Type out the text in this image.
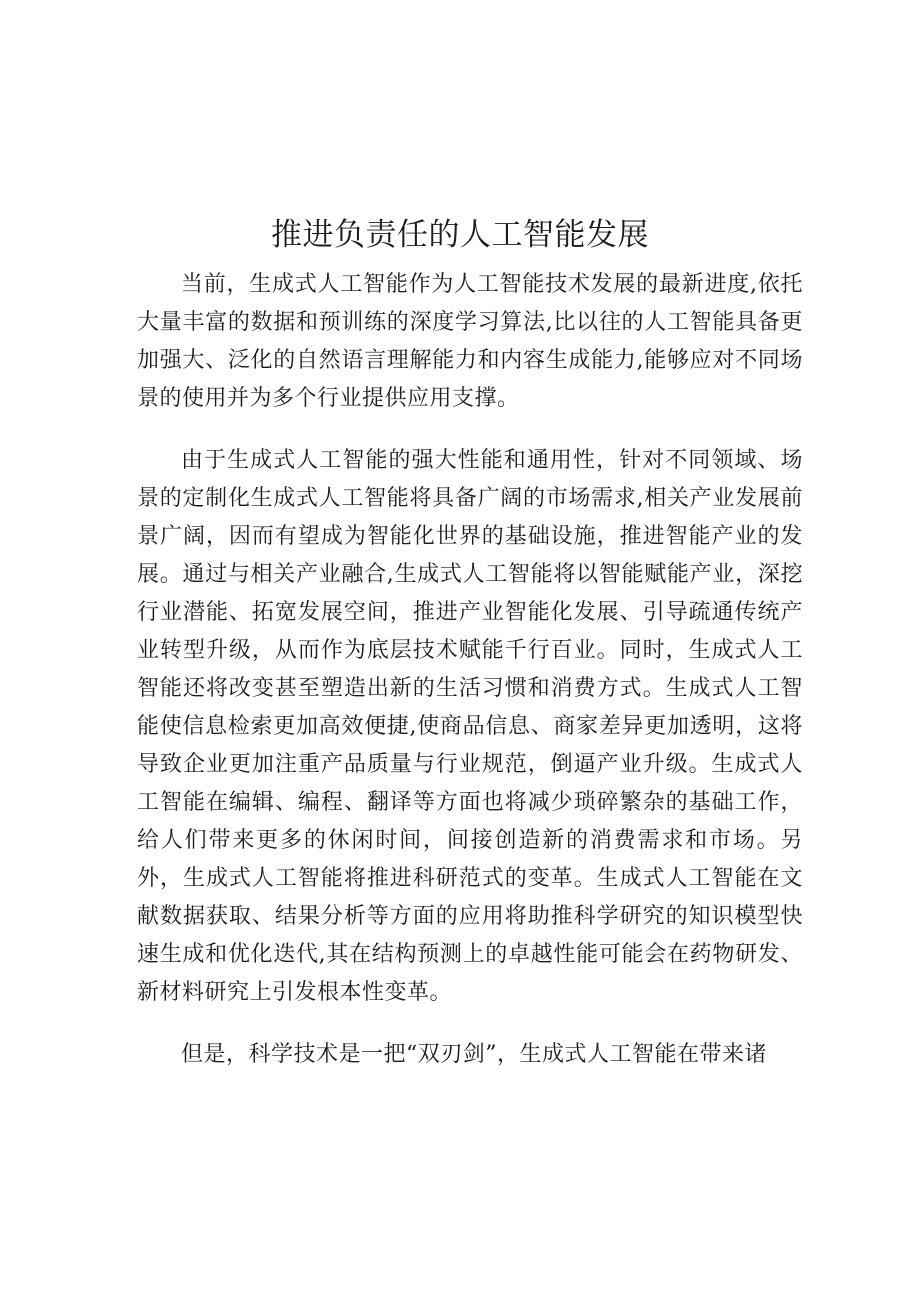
推进负责任的人工智能发展

当前，生成式人工智能作为人工智能技术发展的最新进度,依托大量丰富的数据和预训练的深度学习算法,比以往的人工智能具备更加强大、泛化的自然语言理解能力和内容生成能力,能够应对不同场景的使用并为多个行业提供应用支撑。

由于生成式人工智能的强大性能和通用性，针对不同领域、场景的定制化生成式人工智能将具备广阔的市场需求,相关产业发展前景广阔，因而有望成为智能化世界的基础设施，推进智能产业的发展。通过与相关产业融合,生成式人工智能将以智能赋能产业，深挖行业潜能、拓宽发展空间，推进产业智能化发展、引导疏通传统产业转型升级，从而作为底层技术赋能千行百业。同时，生成式人工智能还将改变甚至塑造出新的生活习惯和消费方式。生成式人工智能使信息检索更加高效便捷,使商品信息、商家差异更加透明，这将导致企业更加注重产品质量与行业规范，倒逼产业升级。生成式人工智能在编辑、编程、翻译等方面也将减少琐碎繁杂的基础工作，给人们带来更多的休闲时间，间接创造新的消费需求和市场。另外，生成式人工智能将推进科研范式的变革。生成式人工智能在文献数据获取、结果分析等方面的应用将助推科学研究的知识模型快速生成和优化迭代,其在结构预测上的卓越性能可能会在药物研发、新材料研究上引发根本性变革。

但是，科学技术是一把“双刃剑”，生成式人工智能在带来诸
